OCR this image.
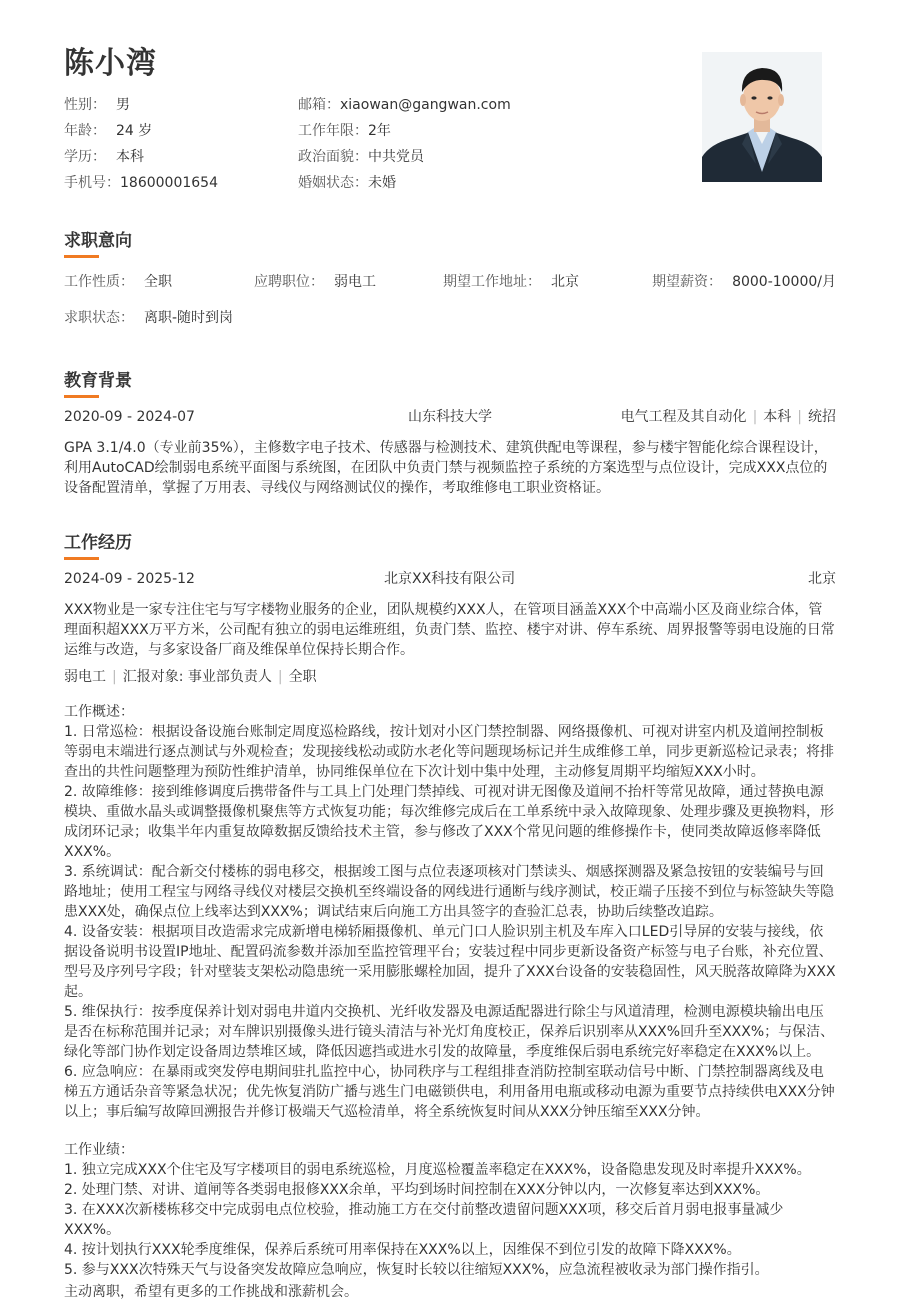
陈小湾
性别： 男	邮箱：xiaowan@gangwan.com
年龄： 24 岁	工作年限：2年
学历： 本科	政治面貌：中共党员
手机号：18600001654	婚姻状态：未婚
求职意向
工作性质： 全职	应聘职位： 弱电工	期望工作地址： 北京	期望薪资： 8000-10000/月
求职状态： 离职-随时到岗
教育背景
2020-09 - 2024-07	山东科技大学	电气工程及其自动化 | 本科 | 统招
GPA 3.1/4.0（专业前35%），主修数字电子技术、传感器与检测技术、建筑供配电等课程，参与楼宇智能化综合课程设计，利用AutoCAD绘制弱电系统平面图与系统图，在团队中负责门禁与视频监控子系统的方案选型与点位设计，完成XXX点位的设备配置清单，掌握了万用表、寻线仪与网络测试仪的操作，考取维修电工职业资格证。
工作经历
2024-09 - 2025-12	北京XX科技有限公司	北京
XXX物业是一家专注住宅与写字楼物业服务的企业，团队规模约XXX人，在管项目涵盖XXX个中高端小区及商业综合体，管理面积超XXX万平方米，公司配有独立的弱电运维班组，负责门禁、监控、楼宇对讲、停车系统、周界报警等弱电设施的日常运维与改造，与多家设备厂商及维保单位保持长期合作。
弱电工 | 汇报对象: 事业部负责人 | 全职
工作概述：
1. 日常巡检：根据设备设施台账制定周度巡检路线，按计划对小区门禁控制器、网络摄像机、可视对讲室内机及道闸控制板等弱电末端进行逐点测试与外观检查；发现接线松动或防水老化等问题现场标记并生成维修工单，同步更新巡检记录表；将排查出的共性问题整理为预防性维护清单，协同维保单位在下次计划中集中处理，主动修复周期平均缩短XXX小时。
2. 故障维修：接到维修调度后携带备件与工具上门处理门禁掉线、可视对讲无图像及道闸不抬杆等常见故障，通过替换电源模块、重做水晶头或调整摄像机聚焦等方式恢复功能；每次维修完成后在工单系统中录入故障现象、处理步骤及更换物料，形成闭环记录；收集半年内重复故障数据反馈给技术主管，参与修改了XXX个常见问题的维修操作卡，使同类故障返修率降低XXX%。
3. 系统调试：配合新交付楼栋的弱电移交，根据竣工图与点位表逐项核对门禁读头、烟感探测器及紧急按钮的安装编号与回路地址；使用工程宝与网络寻线仪对楼层交换机至终端设备的网线进行通断与线序测试，校正端子压接不到位与标签缺失等隐患XXX处，确保点位上线率达到XXX%；调试结束后向施工方出具签字的查验汇总表，协助后续整改追踪。
4. 设备安装：根据项目改造需求完成新增电梯轿厢摄像机、单元门口人脸识别主机及车库入口LED引导屏的安装与接线，依据设备说明书设置IP地址、配置码流参数并添加至监控管理平台；安装过程中同步更新设备资产标签与电子台账，补充位置、型号及序列号字段；针对壁装支架松动隐患统一采用膨胀螺栓加固，提升了XXX台设备的安装稳固性，风天脱落故障降为XXX起。
5. 维保执行：按季度保养计划对弱电井道内交换机、光纤收发器及电源适配器进行除尘与风道清理，检测电源模块输出电压是否在标称范围并记录；对车牌识别摄像头进行镜头清洁与补光灯角度校正，保养后识别率从XXX%回升至XXX%；与保洁、绿化等部门协作划定设备周边禁堆区域，降低因遮挡或进水引发的故障量，季度维保后弱电系统完好率稳定在XXX%以上。
6. 应急响应：在暴雨或突发停电期间驻扎监控中心，协同秩序与工程组排查消防控制室联动信号中断、门禁控制器离线及电梯五方通话杂音等紧急状况；优先恢复消防广播与逃生门电磁锁供电，利用备用电瓶或移动电源为重要节点持续供电XXX分钟以上；事后编写故障回溯报告并修订极端天气巡检清单，将全系统恢复时间从XXX分钟压缩至XXX分钟。
工作业绩：
1. 独立完成XXX个住宅及写字楼项目的弱电系统巡检，月度巡检覆盖率稳定在XXX%，设备隐患发现及时率提升XXX%。
2. 处理门禁、对讲、道闸等各类弱电报修XXX余单，平均到场时间控制在XXX分钟以内，一次修复率达到XXX%。
3. 在XXX次新楼栋移交中完成弱电点位校验，推动施工方在交付前整改遗留问题XXX项，移交后首月弱电报事量减少XXX%。
4. 按计划执行XXX轮季度维保，保养后系统可用率保持在XXX%以上，因维保不到位引发的故障下降XXX%。
5. 参与XXX次特殊天气与设备突发故障应急响应，恢复时长较以往缩短XXX%，应急流程被收录为部门操作指引。
主动离职，希望有更多的工作挑战和涨薪机会。
